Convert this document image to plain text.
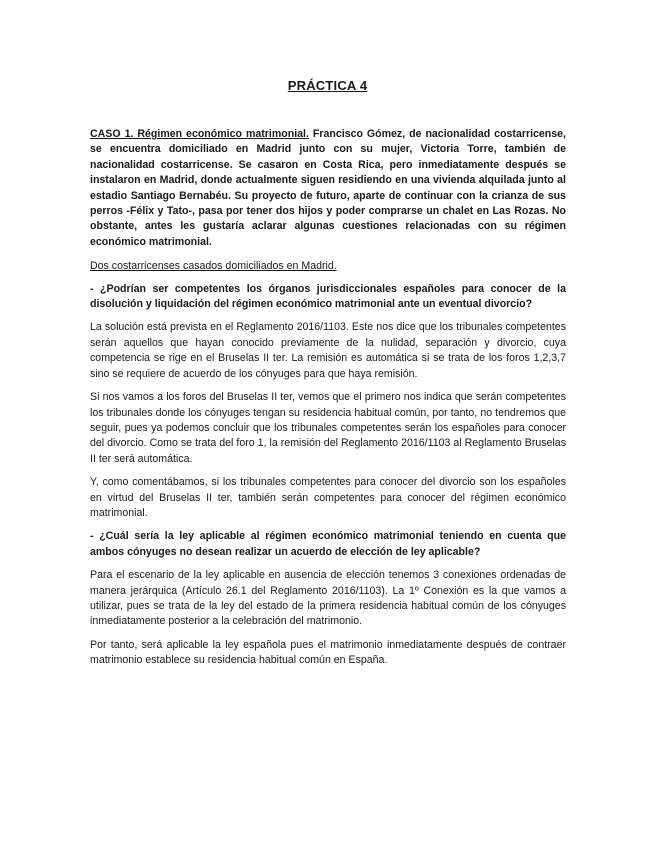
PRÁCTICA 4

CASO 1. Régimen económico matrimonial. Francisco Gómez, de nacionalidad costarricense, se encuentra domiciliado en Madrid junto con su mujer, Victoria Torre, también de nacionalidad costarricense. Se casaron en Costa Rica, pero inmediatamente después se instalaron en Madrid, donde actualmente siguen residiendo en una vivienda alquilada junto al estadio Santiago Bernabéu. Su proyecto de futuro, aparte de continuar con la crianza de sus perros -Félix y Tato-, pasa por tener dos hijos y poder comprarse un chalet en Las Rozas. No obstante, antes les gustaría aclarar algunas cuestiones relacionadas con su régimen económico matrimonial.

Dos costarricenses casados domiciliados en Madrid.

- ¿Podrían ser competentes los órganos jurisdiccionales españoles para conocer de la disolución y liquidación del régimen económico matrimonial ante un eventual divorcio?

La solución está prevista en el Reglamento 2016/1103. Este nos dice que los tribunales competentes serán aquellos que hayan conocido previamente de la nulidad, separación y divorcio, cuya competencia se rige en el Bruselas II ter. La remisión es automática si se trata de los foros 1,2,3,7 sino se requiere de acuerdo de los cónyuges para que haya remisión.

Si nos vamos a los foros del Bruselas II ter, vemos que el primero nos indica que serán competentes los tribunales donde los cónyuges tengan su residencia habitual común, por tanto, no tendremos que seguir, pues ya podemos concluir que los tribunales competentes serán los españoles para conocer del divorcio. Como se trata del foro 1, la remisión del Reglamento 2016/1103 al Reglamento Bruselas II ter será automática.

Y, como comentábamos, si los tribunales competentes para conocer del divorcio son los españoles en virtud del Bruselas II ter, también serán competentes para conocer del régimen económico matrimonial.

- ¿Cuál sería la ley aplicable al régimen económico matrimonial teniendo en cuenta que ambos cónyuges no desean realizar un acuerdo de elección de ley aplicable?

Para el escenario de la ley aplicable en ausencia de elección tenemos 3 conexiones ordenadas de manera jerárquica (Artículo 26.1 del Reglamento 2016/1103). La 1º Conexión es la que vamos a utilizar, pues se trata de la ley del estado de la primera residencia habitual común de los cónyuges inmediatamente posterior a la celebración del matrimonio.

Por tanto, será aplicable la ley española pues el matrimonio inmediatamente después de contraer matrimonio establece su residencia habitual común en España.
